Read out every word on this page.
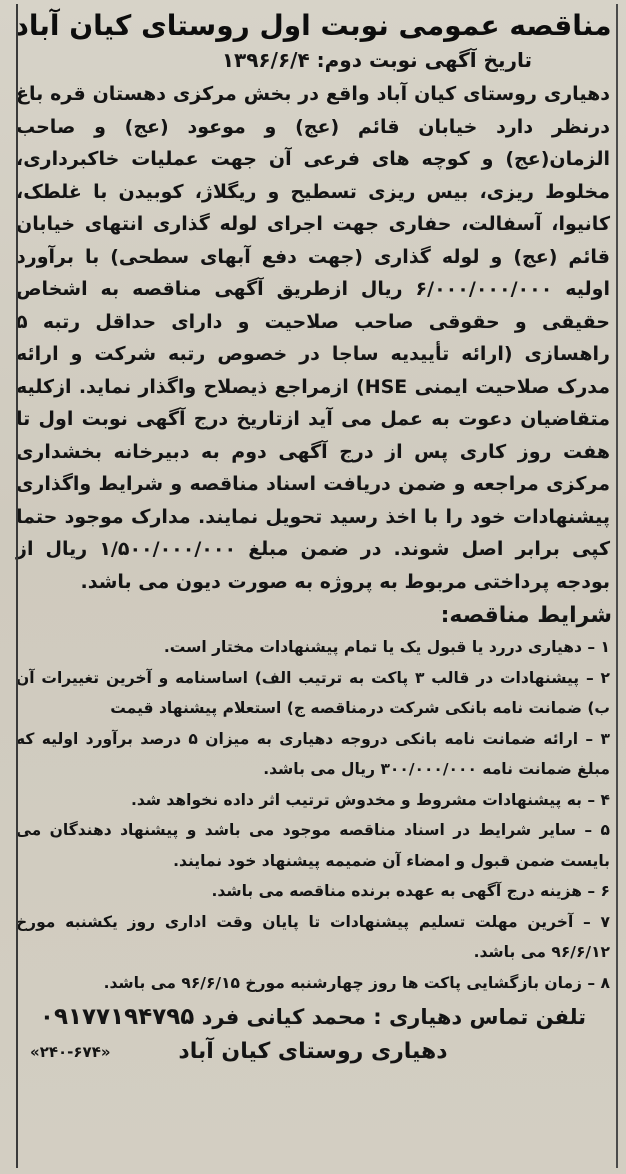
مناقصه عمومی نوبت اول روستای کیان آباد
تاریخ آگهی نوبت دوم: ۱۳۹۶/۶/۴

دهیاری روستای کیان آباد واقع در بخش مرکزی دهستان قره باغ درنظر دارد خیابان قائم (عج) و موعود (عج) و صاحب الزمان(عج) و کوچه های فرعی آن جهت عملیات خاکبرداری، مخلوط ریزی، بیس ریزی تسطیح و ریگلاژ، کوبیدن با غلطک، کانیوا، آسفالت، حفاری جهت اجرای لوله گذاری انتهای خیابان قائم (عج) و لوله گذاری (جهت دفع آبهای سطحی) با برآورد اولیه ۶/۰۰۰/۰۰۰/۰۰۰ ریال ازطریق آگهی مناقصه به اشخاص حقیقی و حقوقی صاحب صلاحیت و دارای حداقل رتبه ۵ راهسازی (ارائه تأییدیه ساجا در خصوص رتبه شرکت و ارائه مدرک صلاحیت ایمنی HSE) ازمراجع ذیصلاح واگذار نماید. ازکلیه متقاضیان دعوت به عمل می آید ازتاریخ درج آگهی نوبت اول تا هفت روز کاری پس از درج آگهی دوم به دبیرخانه بخشداری مرکزی مراجعه و ضمن دریافت اسناد مناقصه و شرایط واگذاری پیشنهادات خود را با اخذ رسید تحویل نمایند. مدارک موجود حتما کپی برابر اصل شوند. در ضمن مبلغ ۱/۵۰۰/۰۰۰/۰۰۰ ریال از بودجه پرداختی مربوط به پروژه به صورت دیون می باشد.

شرایط مناقصه:
۱ – دهیاری دررد یا قبول یک یا تمام پیشنهادات مختار است.
۲ – پیشنهادات در قالب ۳ پاکت به ترتیب الف) اساسنامه و آخرین تغییرات آن ب) ضمانت نامه بانکی شرکت درمناقصه ج) استعلام پیشنهاد قیمت
۳ – ارائه ضمانت نامه بانکی دروجه دهیاری به میزان ۵ درصد برآورد اولیه که مبلغ ضمانت نامه ۳۰۰/۰۰۰/۰۰۰ ریال می باشد.
۴ – به پیشنهادات مشروط و مخدوش ترتیب اثر داده نخواهد شد.
۵ – سایر شرایط در اسناد مناقصه موجود می باشد و پیشنهاد دهندگان می بایست ضمن قبول و امضاء آن ضمیمه پیشنهاد خود نمایند.
۶ – هزینه درج آگهی به عهده برنده مناقصه می باشد.
۷ – آخرین مهلت تسلیم پیشنهادات تا پایان وقت اداری روز یکشنبه مورخ ۹۶/۶/۱۲ می باشد.
۸ – زمان بازگشایی پاکت ها روز چهارشنبه مورخ ۹۶/۶/۱۵ می باشد.
تلفن تماس دهیاری : محمد کیانی فرد ۰۹۱۷۷۱۹۴۷۹۵
دهیاری روستای کیان آباد
«۲۴۰-۶۷۴»
